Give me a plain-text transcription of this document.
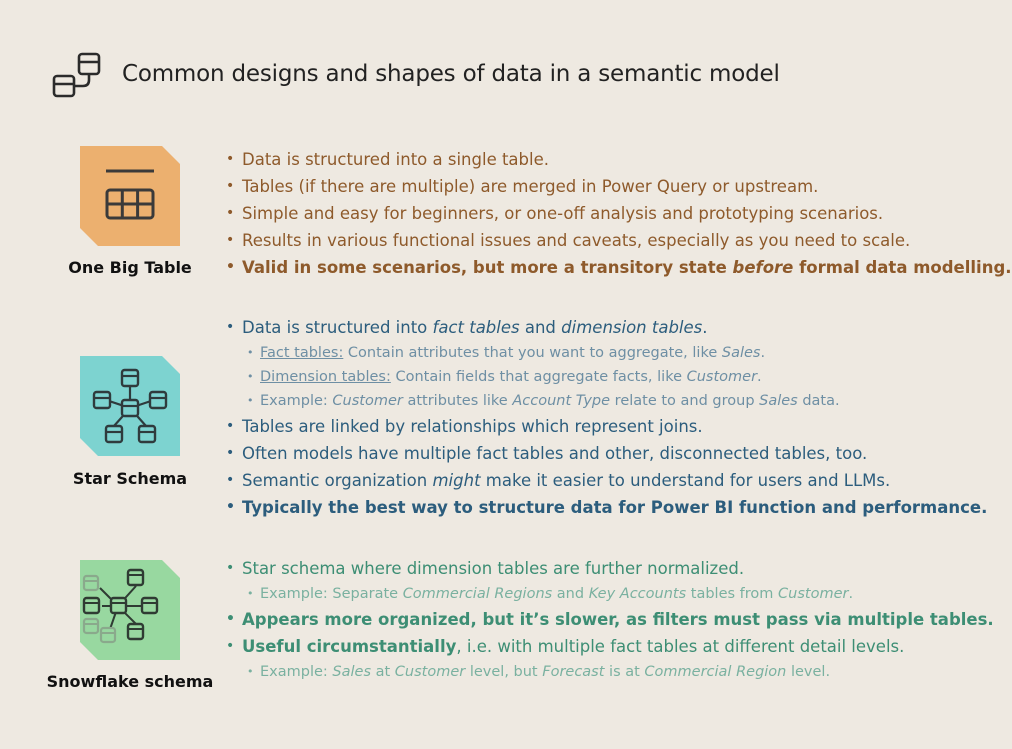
Common designs and shapes of data in a semantic model
One Big Table
• Data is structured into a single table.
• Tables (if there are multiple) are merged in Power Query or upstream.
• Simple and easy for beginners, or one-off analysis and prototyping scenarios.
• Results in various functional issues and caveats, especially as you need to scale.
• Valid in some scenarios, but more a transitory state before formal data modelling.
Star Schema
• Data is structured into fact tables and dimension tables.
• Fact tables: Contain attributes that you want to aggregate, like Sales.
• Dimension tables: Contain fields that aggregate facts, like Customer.
• Example: Customer attributes like Account Type relate to and group Sales data.
• Tables are linked by relationships which represent joins.
• Often models have multiple fact tables and other, disconnected tables, too.
• Semantic organization might make it easier to understand for users and LLMs.
• Typically the best way to structure data for Power BI function and performance.
Snowflake schema
• Star schema where dimension tables are further normalized.
• Example: Separate Commercial Regions and Key Accounts tables from Customer.
• Appears more organized, but it’s slower, as filters must pass via multiple tables.
• Useful circumstantially, i.e. with multiple fact tables at different detail levels.
• Example: Sales at Customer level, but Forecast is at Commercial Region level.
